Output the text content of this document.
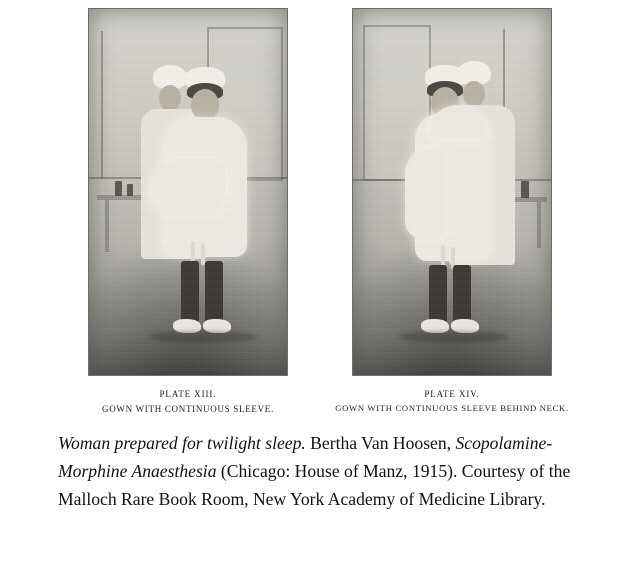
PLATE XIII.
GOWN WITH CONTINUOUS SLEEVE.
PLATE XIV.
GOWN WITH CONTINUOUS SLEEVE BEHIND NECK.
Woman prepared for twilight sleep. Bertha Van Hoosen, Scopolamine-Morphine Anaesthesia (Chicago: House of Manz, 1915). Courtesy of the Malloch Rare Book Room, New York Academy of Medicine Library.
